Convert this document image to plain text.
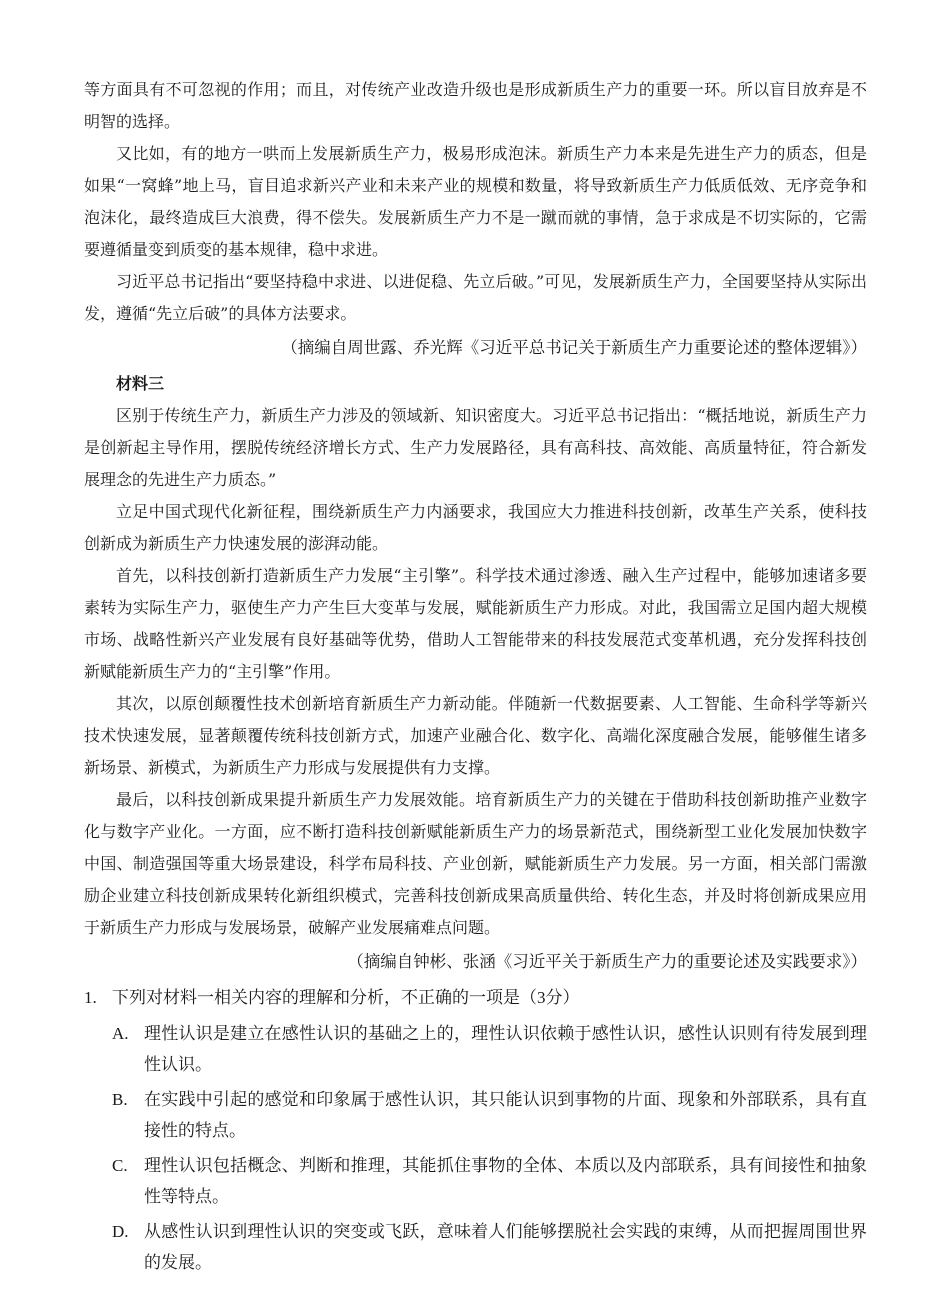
等方面具有不可忽视的作用；而且，对传统产业改造升级也是形成新质生产力的重要一环。所以盲目放弃是不明智的选择。

又比如，有的地方一哄而上发展新质生产力，极易形成泡沫。新质生产力本来是先进生产力的质态，但是如果“一窝蜂”地上马，盲目追求新兴产业和未来产业的规模和数量，将导致新质生产力低质低效、无序竞争和泡沫化，最终造成巨大浪费，得不偿失。发展新质生产力不是一蹴而就的事情，急于求成是不切实际的，它需要遵循量变到质变的基本规律，稳中求进。

习近平总书记指出“要坚持稳中求进、以进促稳、先立后破。”可见，发展新质生产力，全国要坚持从实际出发，遵循“先立后破”的具体方法要求。

（摘编自周世露、乔光辉《习近平总书记关于新质生产力重要论述的整体逻辑》）

材料三

区别于传统生产力，新质生产力涉及的领域新、知识密度大。习近平总书记指出：“概括地说，新质生产力是创新起主导作用，摆脱传统经济增长方式、生产力发展路径，具有高科技、高效能、高质量特征，符合新发展理念的先进生产力质态。”

立足中国式现代化新征程，围绕新质生产力内涵要求，我国应大力推进科技创新，改革生产关系，使科技创新成为新质生产力快速发展的澎湃动能。

首先，以科技创新打造新质生产力发展“主引擎”。科学技术通过渗透、融入生产过程中，能够加速诸多要素转为实际生产力，驱使生产力产生巨大变革与发展，赋能新质生产力形成。对此，我国需立足国内超大规模市场、战略性新兴产业发展有良好基础等优势，借助人工智能带来的科技发展范式变革机遇，充分发挥科技创新赋能新质生产力的“主引擎”作用。

其次，以原创颠覆性技术创新培育新质生产力新动能。伴随新一代数据要素、人工智能、生命科学等新兴技术快速发展，显著颠覆传统科技创新方式，加速产业融合化、数字化、高端化深度融合发展，能够催生诸多新场景、新模式，为新质生产力形成与发展提供有力支撑。

最后，以科技创新成果提升新质生产力发展效能。培育新质生产力的关键在于借助科技创新助推产业数字化与数字产业化。一方面，应不断打造科技创新赋能新质生产力的场景新范式，围绕新型工业化发展加快数字中国、制造强国等重大场景建设，科学布局科技、产业创新，赋能新质生产力发展。另一方面，相关部门需激励企业建立科技创新成果转化新组织模式，完善科技创新成果高质量供给、转化生态，并及时将创新成果应用于新质生产力形成与发展场景，破解产业发展痛难点问题。

（摘编自钟彬、张涵《习近平关于新质生产力的重要论述及实践要求》）

1. 下列对材料一相关内容的理解和分析，不正确的一项是（3分）
A. 理性认识是建立在感性认识的基础之上的，理性认识依赖于感性认识，感性认识则有待发展到理性认识。
B. 在实践中引起的感觉和印象属于感性认识，其只能认识到事物的片面、现象和外部联系，具有直接性的特点。
C. 理性认识包括概念、判断和推理，其能抓住事物的全体、本质以及内部联系，具有间接性和抽象性等特点。
D. 从感性认识到理性认识的突变或飞跃，意味着人们能够摆脱社会实践的束缚，从而把握周围世界的发展。
